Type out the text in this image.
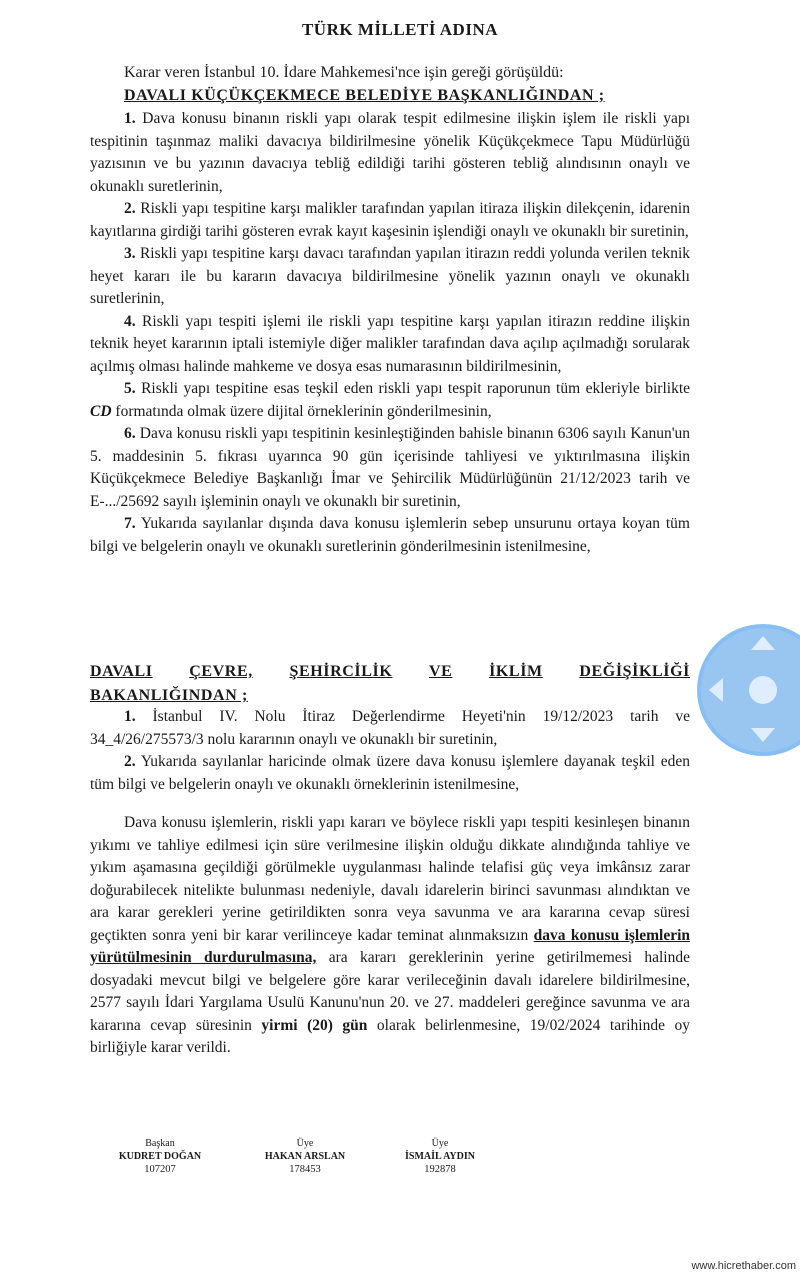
TÜRK MİLLETİ ADINA
Karar veren İstanbul 10. İdare Mahkemesi'nce işin gereği görüşüldü:
DAVALI KÜÇÜKÇEKMECE BELEDİYE BAŞKANLIĞINDAN ;

1. Dava konusu binanın riskli yapı olarak tespit edilmesine ilişkin işlem ile riskli yapı tespitinin taşınmaz maliki davacıya bildirilmesine yönelik Küçükçekmece Tapu Müdürlüğü yazısının ve bu yazının davacıya tebliğ edildiği tarihi gösteren tebliğ alındısının onaylı ve okunaklı suretlerinin,

2. Riskli yapı tespitine karşı malikler tarafından yapılan itiraza ilişkin dilekçenin, idarenin kayıtlarına girdiği tarihi gösteren evrak kayıt kaşesinin işlendiği onaylı ve okunaklı bir suretinin,

3. Riskli yapı tespitine karşı davacı tarafından yapılan itirazın reddi yolunda verilen teknik heyet kararı ile bu kararın davacıya bildirilmesine yönelik yazının onaylı ve okunaklı suretlerinin,

4. Riskli yapı tespiti işlemi ile riskli yapı tespitine karşı yapılan itirazın reddine ilişkin teknik heyet kararının iptali istemiyle diğer malikler tarafından dava açılıp açılmadığı sorularak açılmış olması halinde mahkeme ve dosya esas numarasının bildirilmesinin,

5. Riskli yapı tespitine esas teşkil eden riskli yapı tespit raporunun tüm ekleriyle birlikte CD formatında olmak üzere dijital örneklerinin gönderilmesinin,

6. Dava konusu riskli yapı tespitinin kesinleştiğinden bahisle binanın 6306 sayılı Kanun'un 5. maddesinin 5. fıkrası uyarınca 90 gün içerisinde tahliyesi ve yıktırılmasına ilişkin Küçükçekmece Belediye Başkanlığı İmar ve Şehircilik Müdürlüğünün 21/12/2023 tarih ve E-.../25692 sayılı işleminin onaylı ve okunaklı bir suretinin,

7. Yukarıda sayılanlar dışında dava konusu işlemlerin sebep unsurunu ortaya koyan tüm bilgi ve belgelerin onaylı ve okunaklı suretlerinin gönderilmesinin istenilmesine,

DAVALI ÇEVRE, ŞEHİRCİLİK VE İKLİM DEĞİŞİKLİĞİ
BAKANLIĞINDAN ;

1. İstanbul IV. Nolu İtiraz Değerlendirme Heyeti'nin 19/12/2023 tarih ve 34_4/26/275573/3 nolu kararının onaylı ve okunaklı bir suretinin,

2. Yukarıda sayılanlar haricinde olmak üzere dava konusu işlemlere dayanak teşkil eden tüm bilgi ve belgelerin onaylı ve okunaklı örneklerinin istenilmesine,

Dava konusu işlemlerin, riskli yapı kararı ve böylece riskli yapı tespiti kesinleşen binanın yıkımı ve tahliye edilmesi için süre verilmesine ilişkin olduğu dikkate alındığında tahliye ve yıkım aşamasına geçildiği görülmekle uygulanması halinde telafisi güç veya imkânsız zarar doğurabilecek nitelikte bulunması nedeniyle, davalı idarelerin birinci savunması alındıktan ve ara karar gerekleri yerine getirildikten sonra veya savunma ve ara kararına cevap süresi geçtikten sonra yeni bir karar verilinceye kadar teminat alınmaksızın dava konusu işlemlerin yürütülmesinin durdurulmasına, ara kararı gereklerinin yerine getirilmemesi halinde dosyadaki mevcut bilgi ve belgelere göre karar verileceğinin davalı idarelere bildirilmesine, 2577 sayılı İdari Yargılama Usulü Kanunu'nun 20. ve 27. maddeleri gereğince savunma ve ara kararına cevap süresinin yirmi (20) gün olarak belirlenmesine, 19/02/2024 tarihinde oy birliğiyle karar verildi.

Başkan
KUDRET DOĞAN
107207
Üye
HAKAN ARSLAN
178453
Üye
İSMAİL AYDIN
192878
www.hicrethaber.com
